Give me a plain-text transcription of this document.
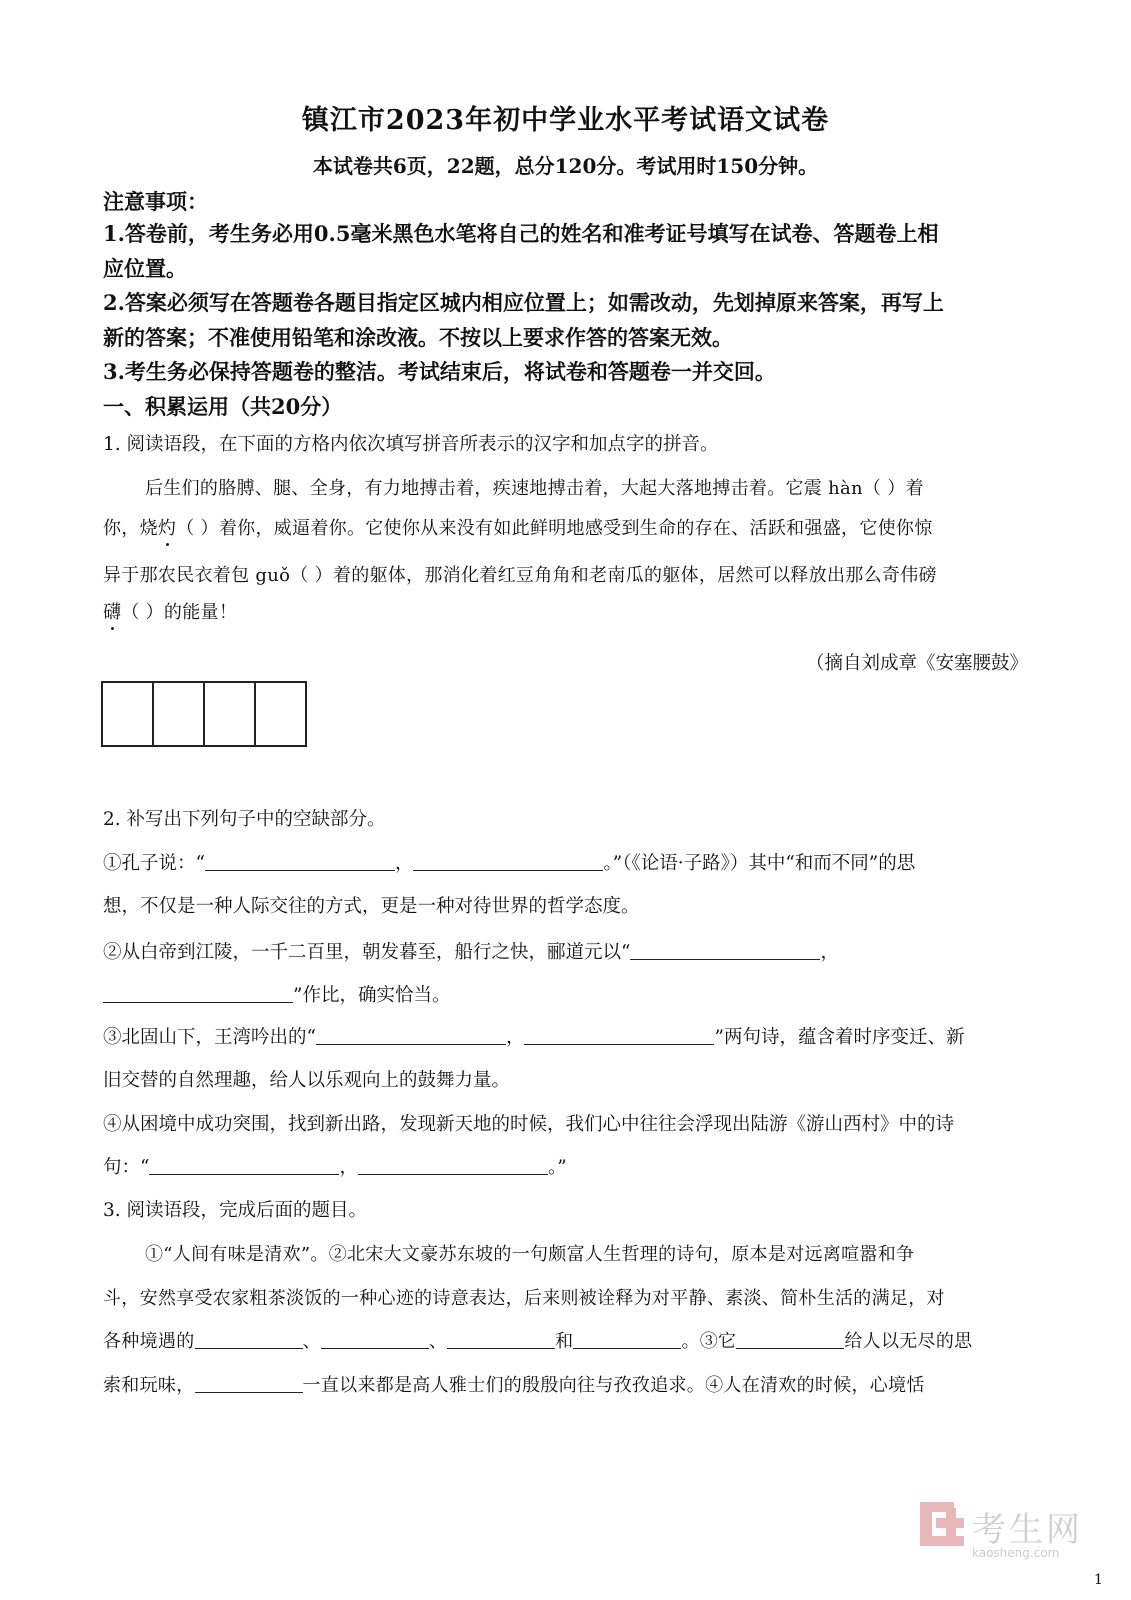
镇江市2023年初中学业水平考试语文试卷
本试卷共6页，22题，总分120分。考试用时150分钟。
注意事项：
1.答卷前，考生务必用0.5毫米黑色水笔将自己的姓名和准考证号填写在试卷、答题卷上相
应位置。
2.答案必须写在答题卷各题目指定区城内相应位置上；如需改动，先划掉原来答案，再写上
新的答案；不准使用铅笔和涂改液。不按以上要求作答的答案无效。
3.考生务必保持答题卷的整洁。考试结束后，将试卷和答题卷一并交回。
一、积累运用（共20分）
1. 阅读语段，在下面的方格内依次填写拼音所表示的汉字和加点字的拼音。
后生们的胳膊、腿、全身，有力地搏击着，疾速地搏击着，大起大落地搏击着。它震 hàn（ ）着
你，烧灼（ ）着你，威逼着你。它使你从来没有如此鲜明地感受到生命的存在、活跃和强盛，它使你惊
异于那农民衣着包 guǒ（ ）着的躯体，那消化着红豆角角和老南瓜的躯体，居然可以释放出那么奇伟磅
礴（ ）的能量！
（摘自刘成章《安塞腰鼓》
2. 补写出下列句子中的空缺部分。
①孔子说：“	，	。”（《论语·子路》）其中“和而不同”的思
想，不仅是一种人际交往的方式，更是一种对待世界的哲学态度。
②从白帝到江陵，一千二百里，朝发暮至，船行之快，郦道元以“	，
”作比，确实恰当。
③北固山下，王湾吟出的“	，	”两句诗，蕴含着时序变迁、新
旧交替的自然理趣，给人以乐观向上的鼓舞力量。
④从困境中成功突围，找到新出路，发现新天地的时候，我们心中往往会浮现出陆游《游山西村》中的诗
句：“	，	。”
3. 阅读语段，完成后面的题目。
①“人间有味是清欢”。②北宋大文豪苏东坡的一句颇富人生哲理的诗句，原本是对远离喧嚣和争
斗，安然享受农家粗茶淡饭的一种心迹的诗意表达，后来则被诠释为对平静、素淡、简朴生活的满足，对
各种境遇的	、	、	和	。③它	给人以无尽的思
索和玩味，	一直以来都是高人雅士们的殷殷向往与孜孜追求。④人在清欢的时候，心境恬
考生网
kaosheng.com
1
